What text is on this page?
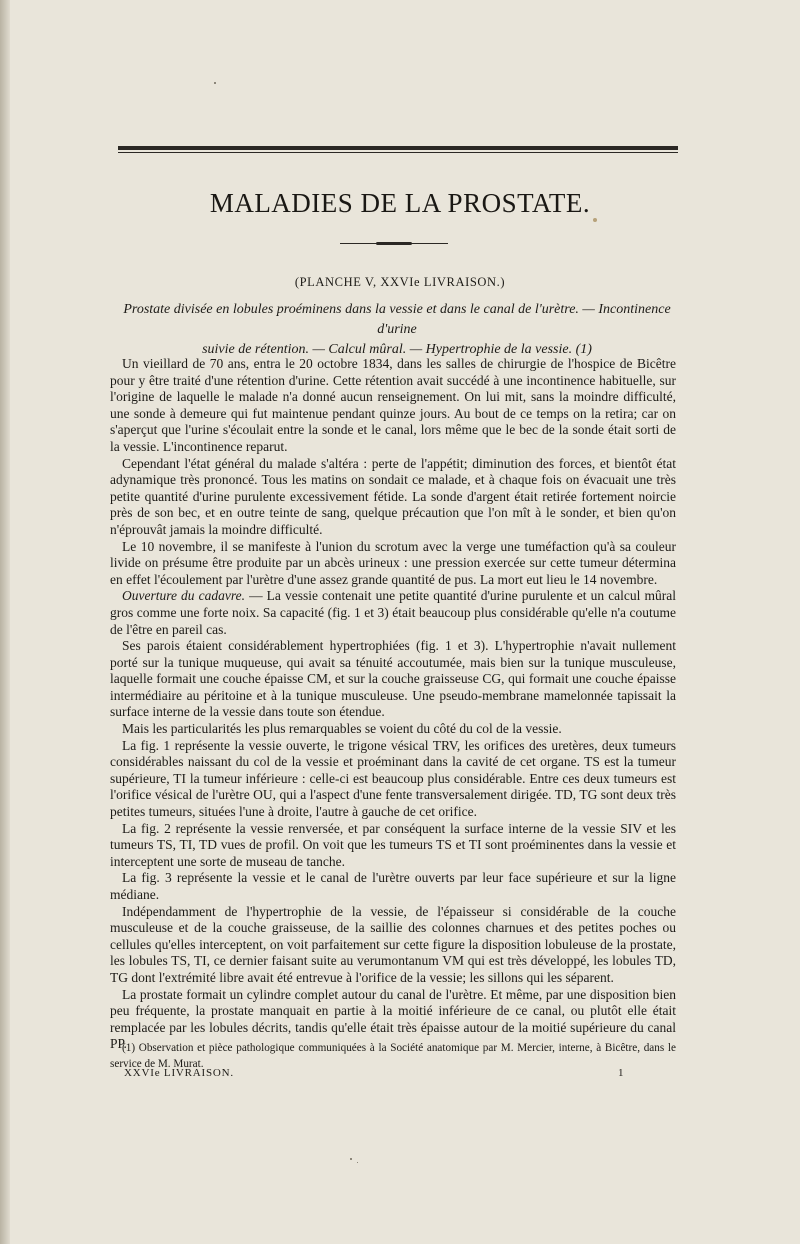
MALADIES DE LA PROSTATE.
(PLANCHE V, XXVIe LIVRAISON.)
Prostate divisée en lobules proéminens dans la vessie et dans le canal de l'urètre. — Incontinence d'urine
suivie de rétention. — Calcul mûral. — Hypertrophie de la vessie. (1)

Un vieillard de 70 ans, entra le 20 octobre 1834, dans les salles de chirurgie de l'hospice de Bicêtre pour y être traité d'une rétention d'urine. Cette rétention avait succédé à une incontinence habituelle, sur l'origine de laquelle le malade n'a donné aucun renseignement. On lui mit, sans la moindre difficulté, une sonde à demeure qui fut maintenue pendant quinze jours. Au bout de ce temps on la retira; car on s'aperçut que l'urine s'écoulait entre la sonde et le canal, lors même que le bec de la sonde était sorti de la vessie. L'incontinence reparut.

Cependant l'état général du malade s'altéra : perte de l'appétit; diminution des forces, et bientôt état adynamique très prononcé. Tous les matins on sondait ce malade, et à chaque fois on évacuait une très petite quantité d'urine purulente excessivement fétide. La sonde d'argent était retirée fortement noircie près de son bec, et en outre teinte de sang, quelque précaution que l'on mît à le sonder, et bien qu'on n'éprouvât jamais la moindre difficulté.

Le 10 novembre, il se manifeste à l'union du scrotum avec la verge une tuméfaction qu'à sa couleur livide on présume être produite par un abcès urineux : une pression exercée sur cette tumeur détermina en effet l'écoulement par l'urètre d'une assez grande quantité de pus. La mort eut lieu le 14 novembre.

Ouverture du cadavre. — La vessie contenait une petite quantité d'urine purulente et un calcul mûral gros comme une forte noix. Sa capacité (fig. 1 et 3) était beaucoup plus considérable qu'elle n'a coutume de l'être en pareil cas.

Ses parois étaient considérablement hypertrophiées (fig. 1 et 3). L'hypertrophie n'avait nullement porté sur la tunique muqueuse, qui avait sa ténuité accoutumée, mais bien sur la tunique musculeuse, laquelle formait une couche épaisse CM, et sur la couche graisseuse CG, qui formait une couche épaisse intermédiaire au péritoine et à la tunique musculeuse. Une pseudo-membrane mamelonnée tapissait la surface interne de la vessie dans toute son étendue.

Mais les particularités les plus remarquables se voient du côté du col de la vessie.

La fig. 1 représente la vessie ouverte, le trigone vésical TRV, les orifices des uretères, deux tumeurs considérables naissant du col de la vessie et proéminant dans la cavité de cet organe. TS est la tumeur supérieure, TI la tumeur inférieure : celle-ci est beaucoup plus considérable. Entre ces deux tumeurs est l'orifice vésical de l'urètre OU, qui a l'aspect d'une fente transversalement dirigée. TD, TG sont deux très petites tumeurs, situées l'une à droite, l'autre à gauche de cet orifice.

La fig. 2 représente la vessie renversée, et par conséquent la surface interne de la vessie SIV et les tumeurs TS, TI, TD vues de profil. On voit que les tumeurs TS et TI sont proéminentes dans la vessie et interceptent une sorte de museau de tanche.

La fig. 3 représente la vessie et le canal de l'urètre ouverts par leur face supérieure et sur la ligne médiane.

Indépendamment de l'hypertrophie de la vessie, de l'épaisseur si considérable de la couche musculeuse et de la couche graisseuse, de la saillie des colonnes charnues et des petites poches ou cellules qu'elles interceptent, on voit parfaitement sur cette figure la disposition lobuleuse de la prostate, les lobules TS, TI, ce dernier faisant suite au verumontanum VM qui est très développé, les lobules TD, TG dont l'extrémité libre avait été entrevue à l'orifice de la vessie; les sillons qui les séparent.

La prostate formait un cylindre complet autour du canal de l'urètre. Et même, par une disposition bien peu fréquente, la prostate manquait en partie à la moitié inférieure de ce canal, ou plutôt elle était remplacée par les lobules décrits, tandis qu'elle était très épaisse autour de la moitié supérieure du canal PP.

(1) Observation et pièce pathologique communiquées à la Société anatomique par M. Mercier, interne, à Bicêtre, dans le service de M. Murat.
XXVIe LIVRAISON.	1
